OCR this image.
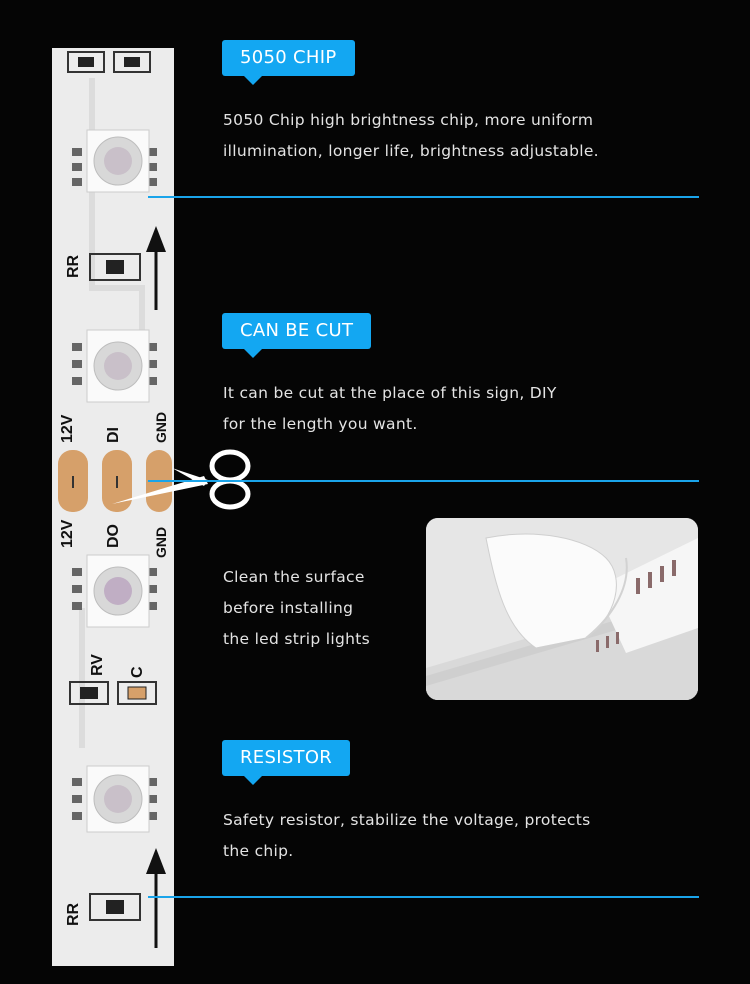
RR
12V DI GND
12V DO GND
RV C
RR
5050 CHIP
5050 Chip high brightness chip, more uniform
illumination, longer life, brightness adjustable.
CAN BE CUT
It can be cut at the place of this sign, DIY
for the length you want.
Clean the surface
before installing
the led strip lights
RESISTOR
Safety resistor, stabilize the voltage, protects
the chip.
